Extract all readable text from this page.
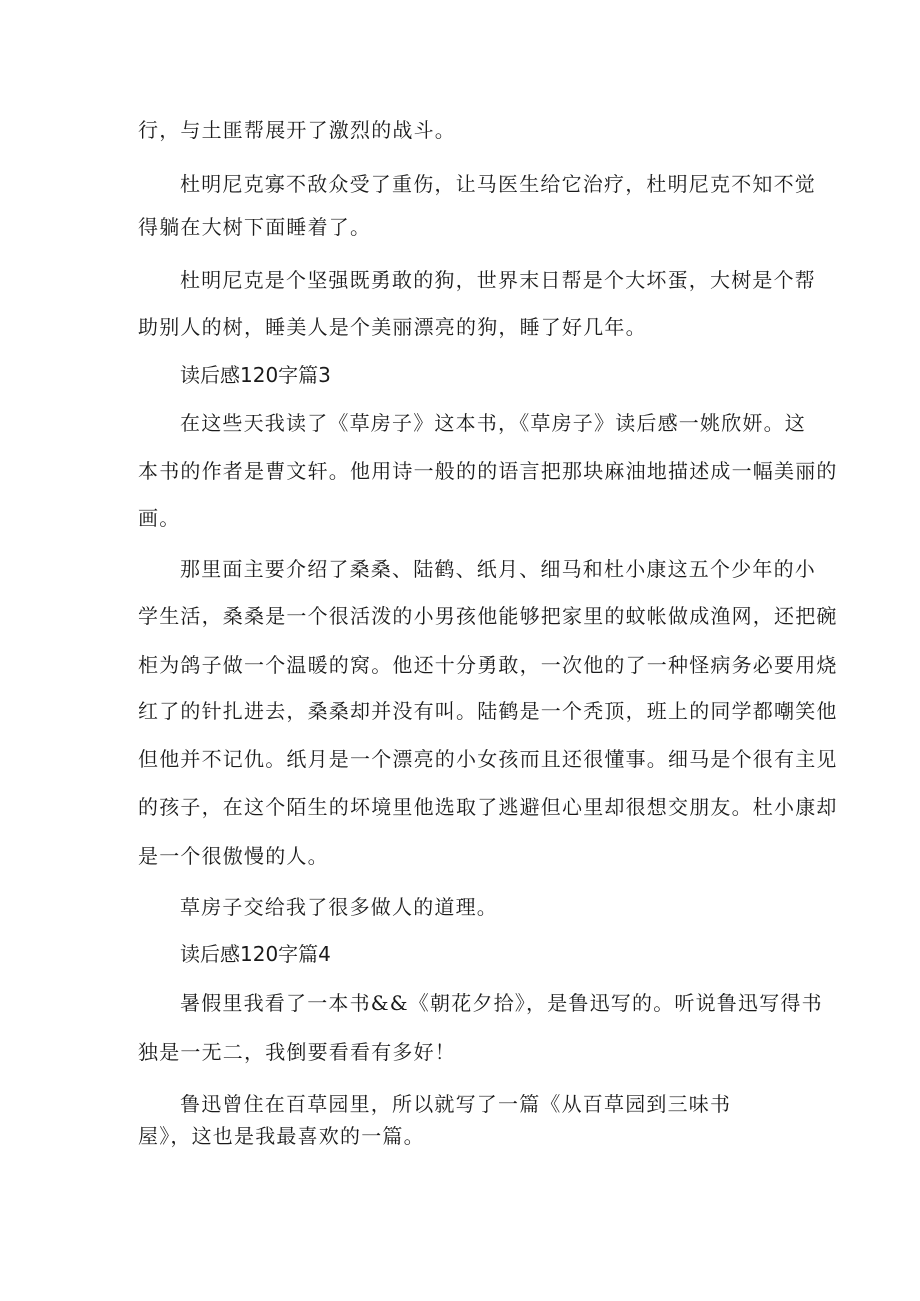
行，与土匪帮展开了激烈的战斗。
杜明尼克寡不敌众受了重伤，让马医生给它治疗，杜明尼克不知不觉
得躺在大树下面睡着了。
杜明尼克是个坚强既勇敢的狗，世界末日帮是个大坏蛋，大树是个帮
助别人的树，睡美人是个美丽漂亮的狗，睡了好几年。
读后感120字篇3
在这些天我读了《草房子》这本书，《草房子》读后感一姚欣妍。这
本书的作者是曹文轩。他用诗一般的的语言把那块麻油地描述成一幅美丽的
画。
那里面主要介绍了桑桑、陆鹤、纸月、细马和杜小康这五个少年的小
学生活，桑桑是一个很活泼的小男孩他能够把家里的蚊帐做成渔网，还把碗
柜为鸽子做一个温暖的窝。他还十分勇敢，一次他的了一种怪病务必要用烧
红了的针扎进去，桑桑却并没有叫。陆鹤是一个秃顶，班上的同学都嘲笑他
但他并不记仇。纸月是一个漂亮的小女孩而且还很懂事。细马是个很有主见
的孩子，在这个陌生的坏境里他选取了逃避但心里却很想交朋友。杜小康却
是一个很傲慢的人。
草房子交给我了很多做人的道理。
读后感120字篇4
暑假里我看了一本书&&《朝花夕拾》，是鲁迅写的。听说鲁迅写得书
独是一无二，我倒要看看有多好！
鲁迅曾住在百草园里，所以就写了一篇《从百草园到三味书
屋》，这也是我最喜欢的一篇。
